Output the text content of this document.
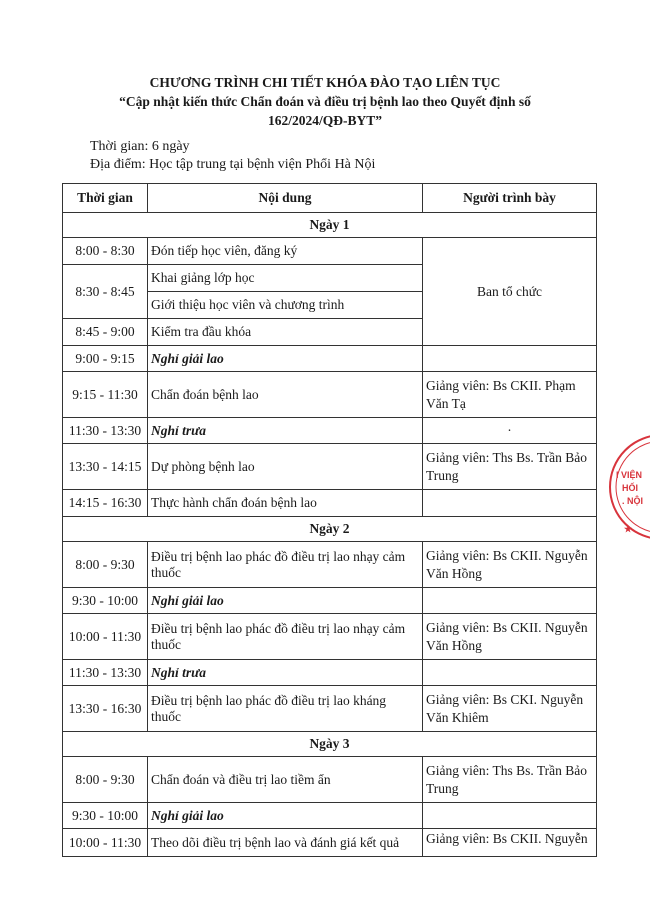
CHƯƠNG TRÌNH CHI TIẾT KHÓA ĐÀO TẠO LIÊN TỤC
“Cập nhật kiến thức Chẩn đoán và điều trị bệnh lao theo Quyết định số
162/2024/QĐ-BYT”
Thời gian: 6 ngày
Địa điểm: Học tập trung tại bệnh viện Phổi Hà Nội
Thời gian	Nội dung	Người trình bày
Ngày 1		
8:00 - 8:30	Đón tiếp học viên, đăng ký	Ban tổ chức
8:30 - 8:45	Khai giảng lớp học	
	Giới thiệu học viên và chương trình	
8:45 - 9:00	Kiểm tra đầu khóa	
9:00 - 9:15	Nghỉ giải lao	
9:15 - 11:30	Chẩn đoán bệnh lao	Giảng viên: Bs CKII. Phạm Văn Tạ
11:30 - 13:30	Nghỉ trưa	·
13:30 - 14:15	Dự phòng bệnh lao	Giảng viên: Ths Bs. Trần Bảo Trung
14:15 - 16:30	Thực hành chẩn đoán bệnh lao	
Ngày 2		
8:00 - 9:30	Điều trị bệnh lao phác đồ điều trị lao nhạy cảm thuốc	Giảng viên: Bs CKII. Nguyễn Văn Hồng
9:30 - 10:00	Nghỉ giải lao	
10:00 - 11:30	Điều trị bệnh lao phác đồ điều trị lao nhạy cảm thuốc	Giảng viên: Bs CKII. Nguyễn Văn Hồng
11:30 - 13:30	Nghỉ trưa	
13:30 - 16:30	Điều trị bệnh lao phác đồ điều trị lao kháng thuốc	Giảng viên: Bs CKI. Nguyễn Văn Khiêm
Ngày 3		
8:00 - 9:30	Chẩn đoán và điều trị lao tiềm ẩn	Giảng viên: Ths Bs. Trần Bảo Trung
9:30 - 10:00	Nghỉ giải lao	
10:00 - 11:30	Theo dõi điều trị bệnh lao và đánh giá kết quả	Giảng viên: Bs CKII. Nguyễn
I VIỆN
HỐI
. NỘI
★
